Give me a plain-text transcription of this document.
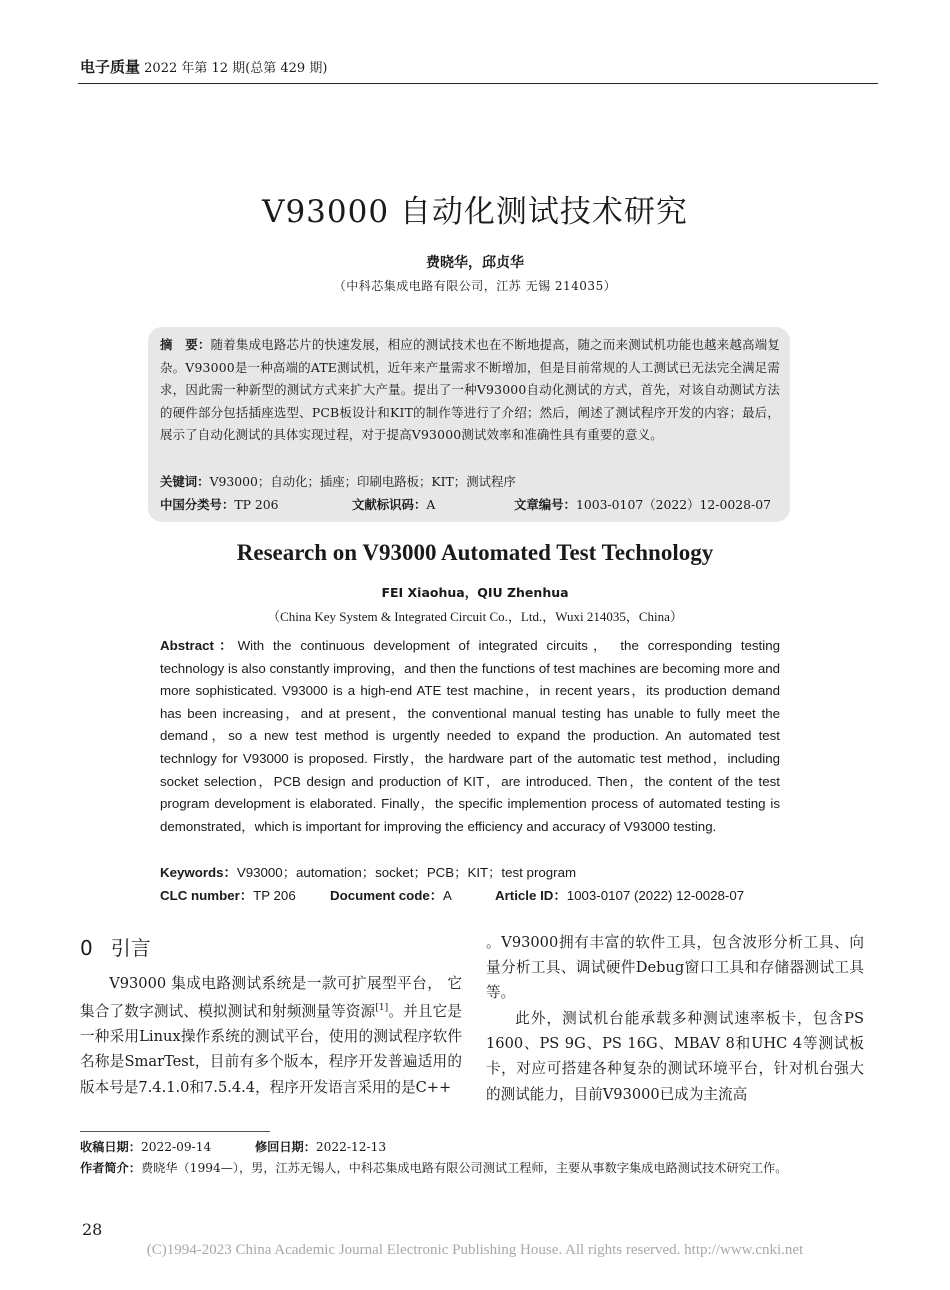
电子质量 2022 年第 12 期(总第 429 期)
V93000 自动化测试技术研究
费晓华，邱贞华
（中科芯集成电路有限公司，江苏 无锡 214035）
摘　要：随着集成电路芯片的快速发展，相应的测试技术也在不断地提高，随之而来测试机功能也越来越高端复杂。V93000是一种高端的ATE测试机，近年来产量需求不断增加，但是目前常规的人工测试已无法完全满足需求，因此需一种新型的测试方式来扩大产量。提出了一种V93000自动化测试的方式，首先，对该自动测试方法的硬件部分包括插座选型、PCB板设计和KIT的制作等进行了介绍；然后，阐述了测试程序开发的内容；最后，展示了自动化测试的具体实现过程，对于提高V93000测试效率和准确性具有重要的意义。
关键词：V93000；自动化；插座；印刷电路板；KIT；测试程序
中国分类号：TP 206	文献标识码：A	文章编号：1003-0107（2022）12-0028-07
Research on V93000 Automated Test Technology
FEI Xiaohua，QIU Zhenhua
（China Key System & Integrated Circuit Co.，Ltd.，Wuxi 214035，China）
Abstract：With the continuous development of integrated circuits， the corresponding testing technology is also constantly improving，and then the functions of test machines are becoming more and more sophisticated. V93000 is a high-end ATE test machine，in recent years，its production demand has been increasing，and at present，the conventional manual testing has unable to fully meet the demand，so a new test method is urgently needed to expand the production. An automated test technlogy for V93000 is proposed. Firstly，the hardware part of the automatic test method，including socket selection，PCB design and production of KIT，are introduced. Then，the content of the test program development is elaborated. Finally，the specific implemention process of automated testing is demonstrated，which is important for improving the efficiency and accuracy of V93000 testing.
Keywords：V93000；automation；socket；PCB；KIT；test program
CLC number：TP 206	Document code：A	Article ID：1003-0107 (2022) 12-0028-07
0 引言
V93000 集成电路测试系统是一款可扩展型平台， 它集合了数字测试、模拟测试和射频测量等资源[1]。并且它是一种采用Linux操作系统的测试平台，使用的测试程序软件名称是SmarTest，目前有多个版本，程序开发普遍适用的版本号是7.4.1.0和7.5.4.4，程序开发语言采用的是C++
。V93000拥有丰富的软件工具，包含波形分析工具、向量分析工具、调试硬件Debug窗口工具和存储器测试工具等。
此外，测试机台能承载多种测试速率板卡，包含PS 1600、PS 9G、PS 16G、MBAV 8和UHC 4等测试板卡，对应可搭建各种复杂的测试环境平台，针对机台强大的测试能力，目前V93000已成为主流高
收稿日期：2022-09-14	修回日期：2022-12-13
作者简介：费晓华（1994—），男，江苏无锡人，中科芯集成电路有限公司测试工程师，主要从事数字集成电路测试技术研究工作。
28
(C)1994-2023 China Academic Journal Electronic Publishing House. All rights reserved. http://www.cnki.net
